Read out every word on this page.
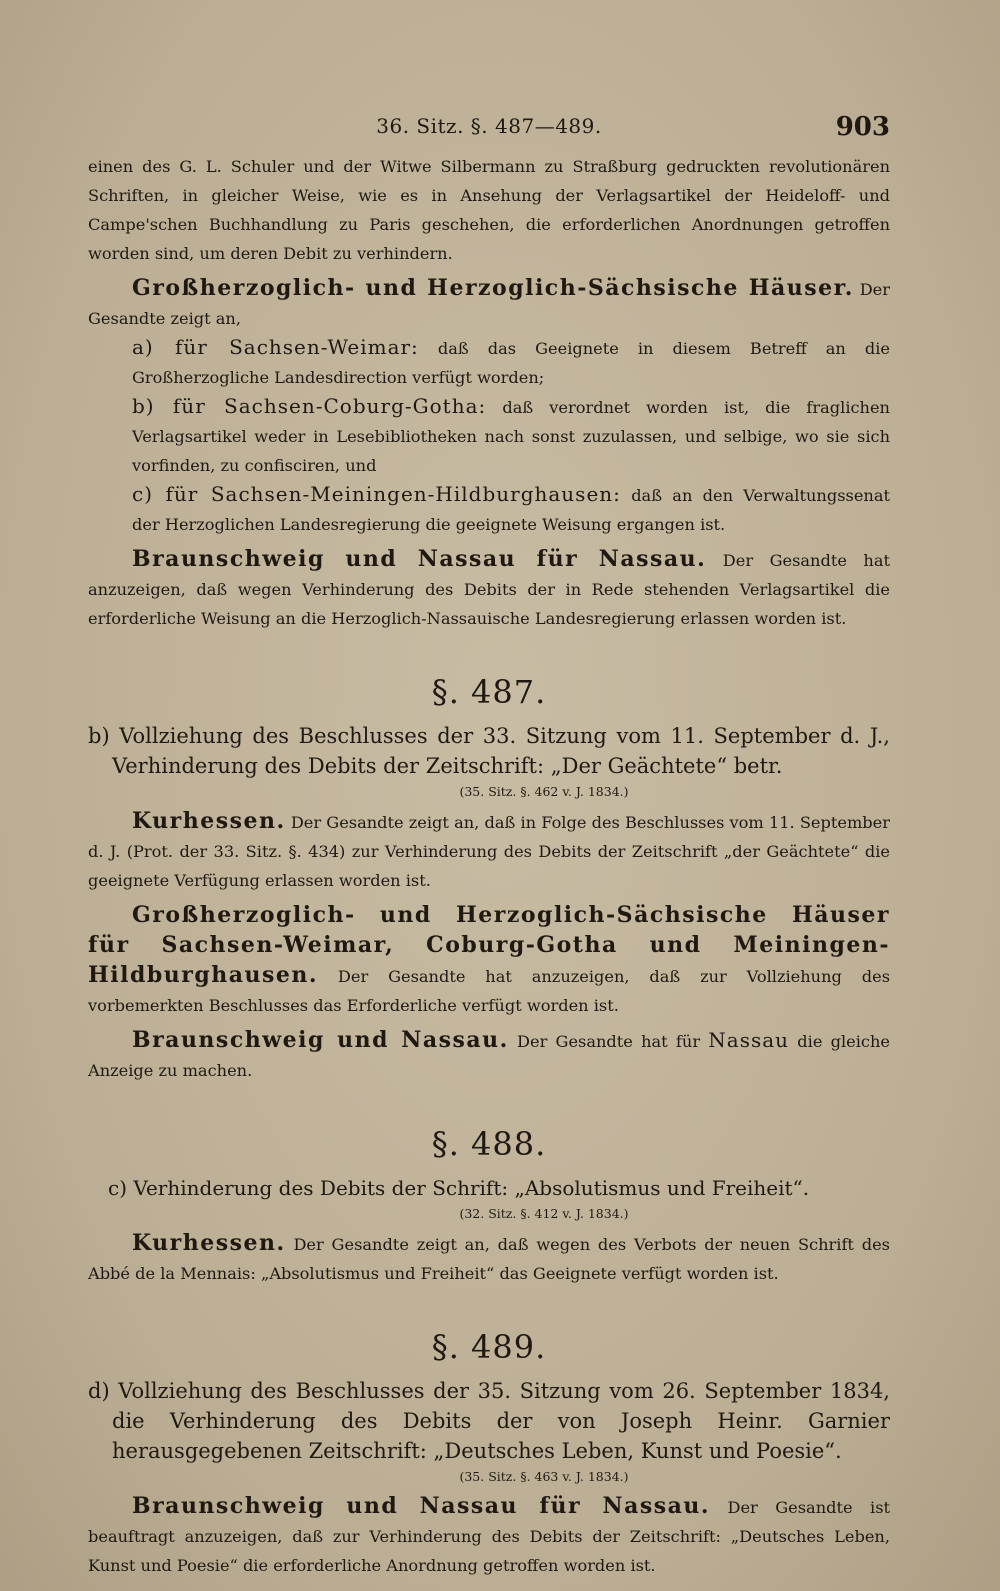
36. Sitz. §. 487—489.	903

einen des G. L. Schuler und der Witwe Silbermann zu Straßburg gedruckten revolutionären Schriften, in gleicher Weise, wie es in Ansehung der Verlagsartikel der Heideloff- und Campe'schen Buchhandlung zu Paris geschehen, die erforderlichen Anordnungen getroffen worden sind, um deren Debit zu verhindern.

Großherzoglich- und Herzoglich-Sächsische Häuser. Der Gesandte zeigt an,

a) für Sachsen-Weimar: daß das Geeignete in diesem Betreff an die Großherzogliche Landesdirection verfügt worden;

b) für Sachsen-Coburg-Gotha: daß verordnet worden ist, die fraglichen Verlagsartikel weder in Lesebibliotheken nach sonst zuzulassen, und selbige, wo sie sich vorfinden, zu confisciren, und

c) für Sachsen-Meiningen-Hildburghausen: daß an den Verwaltungssenat der Herzoglichen Landesregierung die geeignete Weisung ergangen ist.

Braunschweig und Nassau für Nassau. Der Gesandte hat anzuzeigen, daß wegen Verhinderung des Debits der in Rede stehenden Verlagsartikel die erforderliche Weisung an die Herzoglich-Nassauische Landesregierung erlassen worden ist.

§. 487.

b) Vollziehung des Beschlusses der 33. Sitzung vom 11. September d. J., Verhinderung des Debits der Zeitschrift: „Der Geächtete“ betr.

(35. Sitz. §. 462 v. J. 1834.)

Kurhessen. Der Gesandte zeigt an, daß in Folge des Beschlusses vom 11. September d. J. (Prot. der 33. Sitz. §. 434) zur Verhinderung des Debits der Zeitschrift „der Geächtete“ die geeignete Verfügung erlassen worden ist.

Großherzoglich- und Herzoglich-Sächsische Häuser für Sachsen-Weimar, Coburg-Gotha und Meiningen-Hildburghausen. Der Gesandte hat anzuzeigen, daß zur Vollziehung des vorbemerkten Beschlusses das Erforderliche verfügt worden ist.

Braunschweig und Nassau. Der Gesandte hat für Nassau die gleiche Anzeige zu machen.

§. 488.

c) Verhinderung des Debits der Schrift: „Absolutismus und Freiheit“.

(32. Sitz. §. 412 v. J. 1834.)

Kurhessen. Der Gesandte zeigt an, daß wegen des Verbots der neuen Schrift des Abbé de la Mennais: „Absolutismus und Freiheit“ das Geeignete verfügt worden ist.

§. 489.

d) Vollziehung des Beschlusses der 35. Sitzung vom 26. September 1834, die Verhinderung des Debits der von Joseph Heinr. Garnier herausgegebenen Zeitschrift: „Deutsches Leben, Kunst und Poesie“.

(35. Sitz. §. 463 v. J. 1834.)

Braunschweig und Nassau für Nassau. Der Gesandte ist beauftragt anzuzeigen, daß zur Verhinderung des Debits der Zeitschrift: „Deutsches Leben, Kunst und Poesie“ die erforderliche Anordnung getroffen worden ist.
